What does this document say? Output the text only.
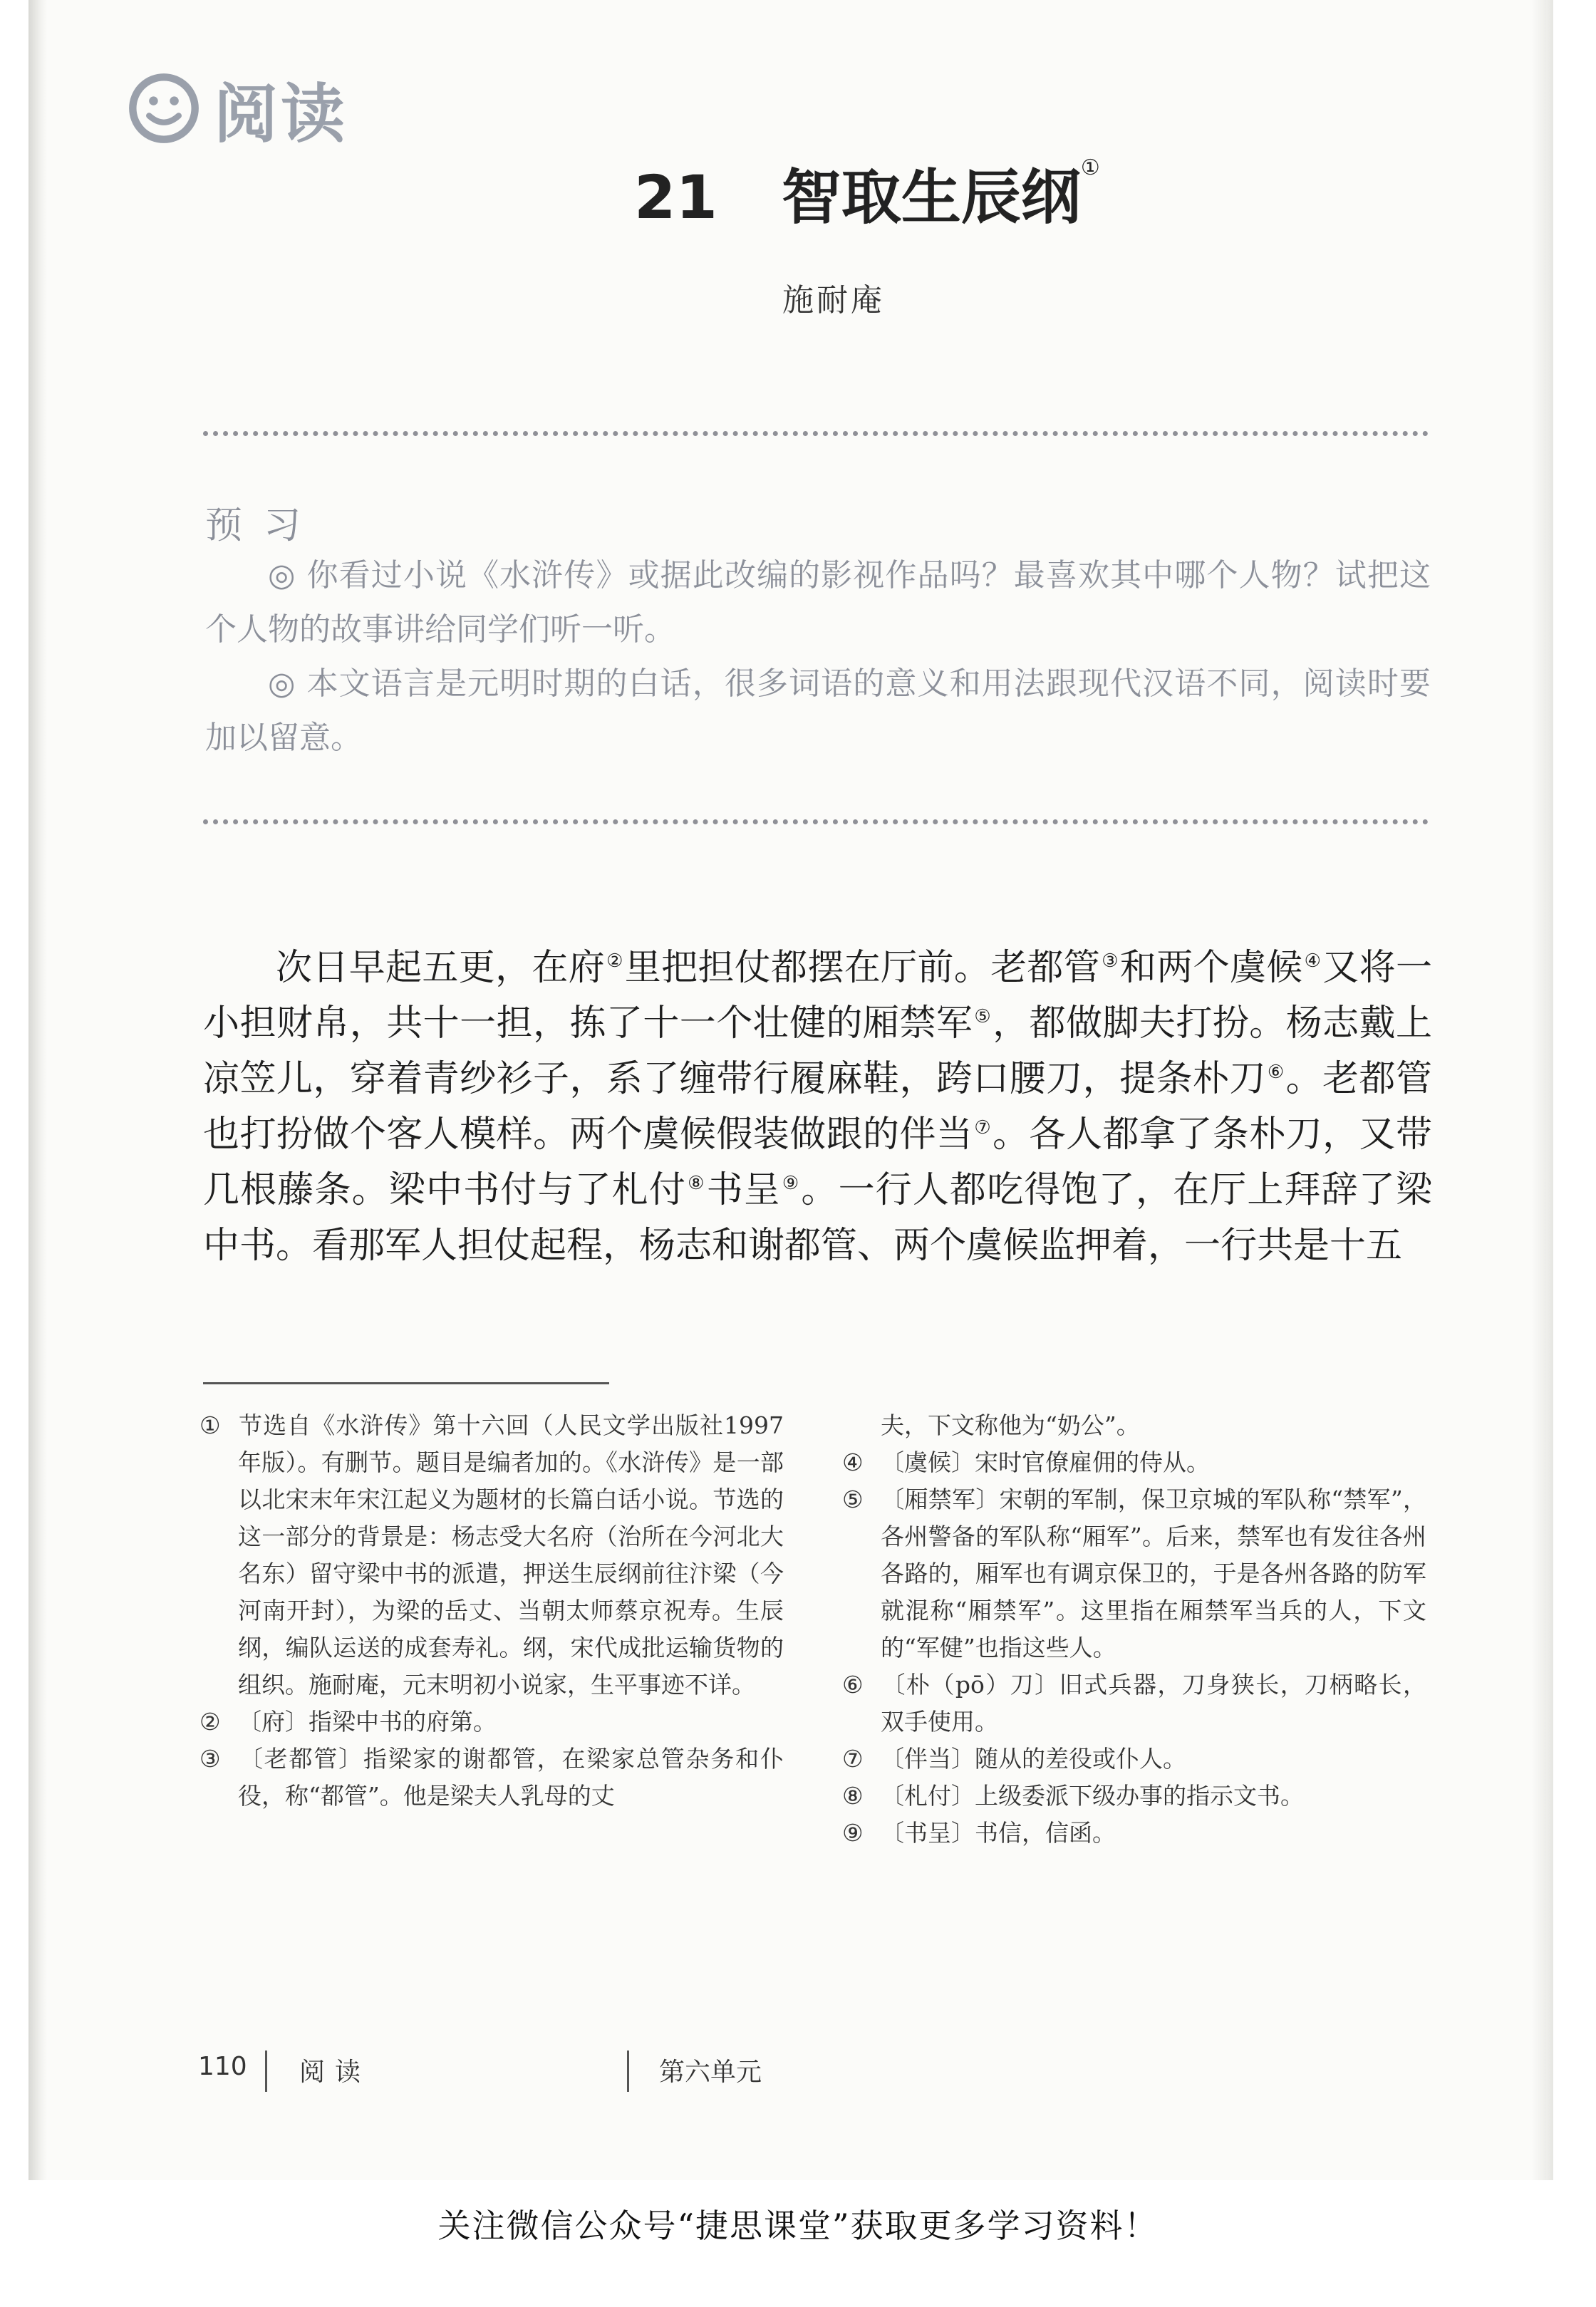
阅读
21 智取生辰纲①
施耐庵
预习

◎ 你看过小说《水浒传》或据此改编的影视作品吗？最喜欢其中哪个人物？试把这个人物的故事讲给同学们听一听。

◎ 本文语言是元明时期的白话，很多词语的意义和用法跟现代汉语不同，阅读时要加以留意。

次日早起五更，在府②里把担仗都摆在厅前。老都管③和两个虞候④又将一小担财帛，共十一担，拣了十一个壮健的厢禁军⑤，都做脚夫打扮。杨志戴上凉笠儿，穿着青纱衫子，系了缠带行履麻鞋，跨口腰刀，提条朴刀⑥。老都管也打扮做个客人模样。两个虞候假装做跟的伴当⑦。各人都拿了条朴刀，又带几根藤条。梁中书付与了札付⑧书呈⑨。一行人都吃得饱了，在厅上拜辞了梁中书。看那军人担仗起程，杨志和谢都管、两个虞候监押着，一行共是十五

① 节选自《水浒传》第十六回（人民文学出版社1997年版）。有删节。题目是编者加的。《水浒传》是一部以北宋末年宋江起义为题材的长篇白话小说。节选的这一部分的背景是：杨志受大名府（治所在今河北大名东）留守梁中书的派遣，押送生辰纲前往汴梁（今河南开封），为梁的岳丈、当朝太师蔡京祝寿。生辰纲，编队运送的成套寿礼。纲，宋代成批运输货物的组织。施耐庵，元末明初小说家，生平事迹不详。

② 〔府〕指梁中书的府第。

③ 〔老都管〕指梁家的谢都管，在梁家总管杂务和仆役，称“都管”。他是梁夫人乳母的丈

夫，下文称他为“奶公”。

④ 〔虞候〕宋时官僚雇佣的侍从。

⑤ 〔厢禁军〕宋朝的军制，保卫京城的军队称“禁军”，各州警备的军队称“厢军”。后来，禁军也有发往各州各路的，厢军也有调京保卫的，于是各州各路的防军就混称“厢禁军”。这里指在厢禁军当兵的人，下文的“军健”也指这些人。

⑥ 〔朴（pō）刀〕旧式兵器，刀身狭长，刀柄略长，双手使用。

⑦ 〔伴当〕随从的差役或仆人。

⑧ 〔札付〕上级委派下级办事的指示文书。

⑨ 〔书呈〕书信，信函。

110 阅读	第六单元
关注微信公众号“捷思课堂”获取更多学习资料！
